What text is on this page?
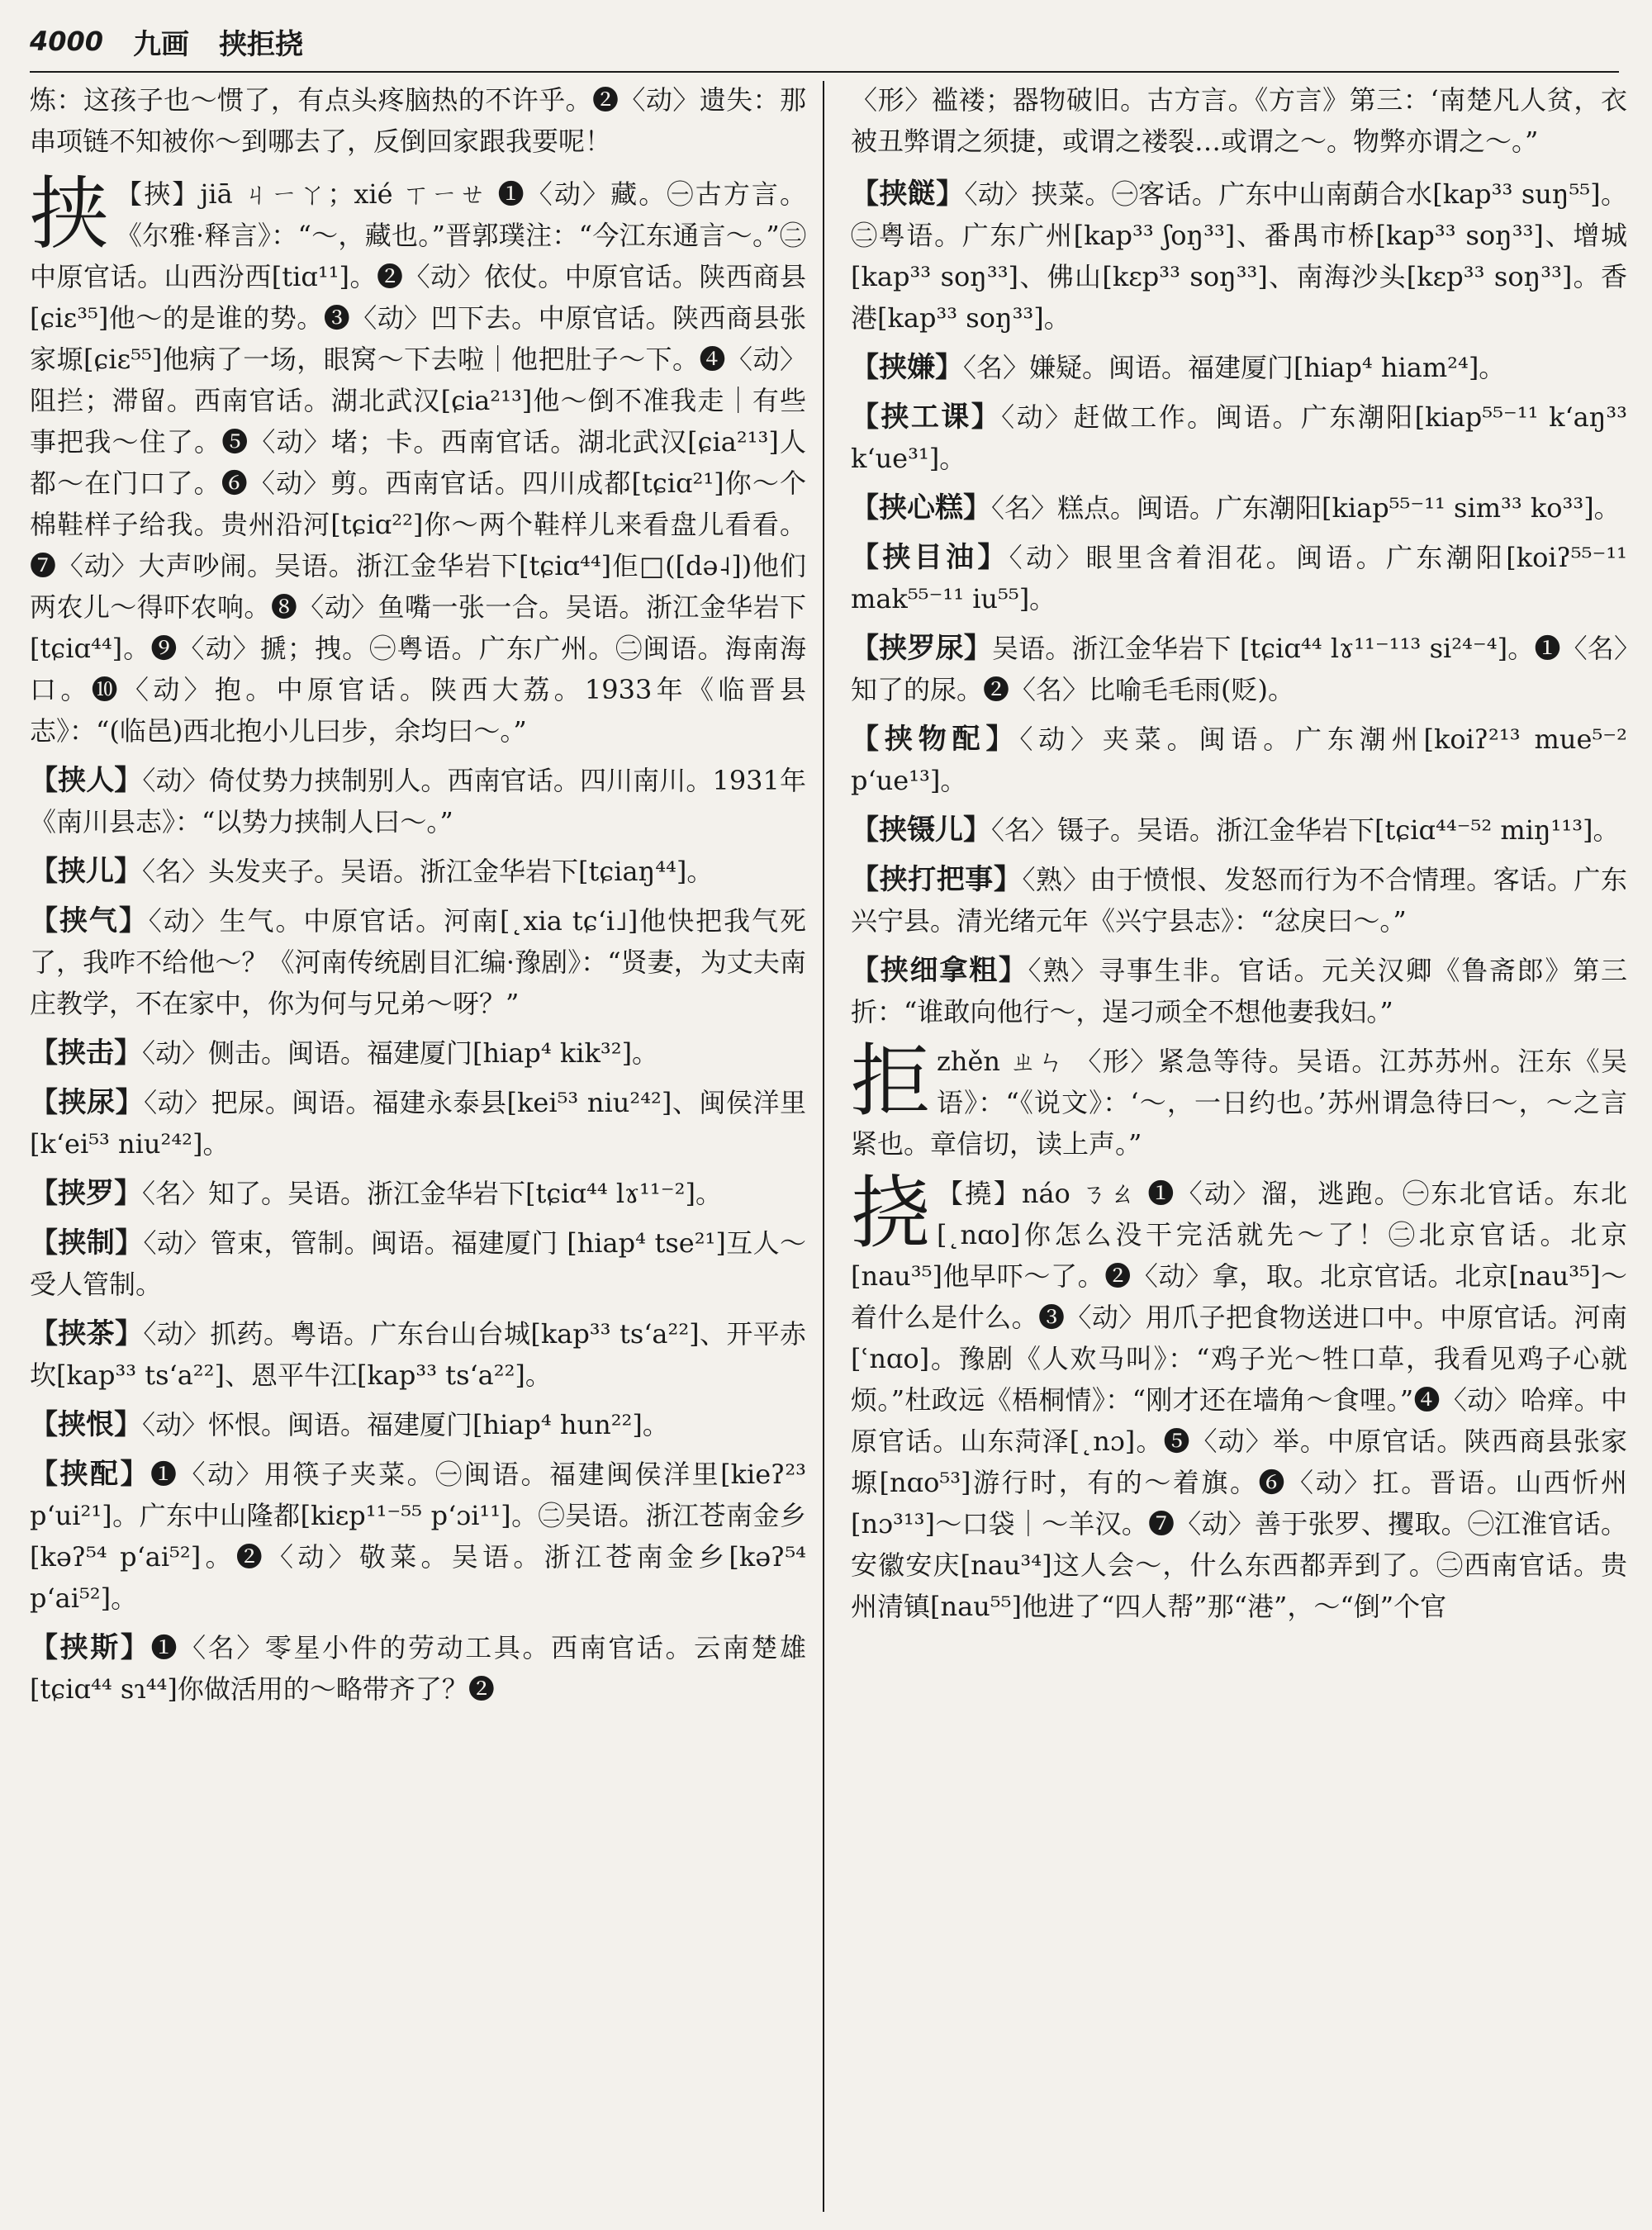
4000 九画 挟拒挠

炼：这孩子也～惯了，有点头疼脑热的不许乎。❷〈动〉遗失：那串项链不知被你～到哪去了，反倒回家跟我要呢！

挟 【挾】jiā ㄐㄧㄚ；xié ㄒㄧㄝ ❶〈动〉藏。㊀古方言。《尔雅·释言》：“～，藏也。”晋郭璞注：“今江东通言～。”㊁中原官话。山西汾西[tiɑ¹¹]。❷〈动〉依仗。中原官话。陕西商县[ɕiɛ³⁵]他～的是谁的势。❸〈动〉凹下去。中原官话。陕西商县张家塬[ɕiɛ⁵⁵]他病了一场，眼窝～下去啦｜他把肚子～下。❹〈动〉阻拦；滞留。西南官话。湖北武汉[ɕia²¹³]他～倒不准我走｜有些事把我～住了。❺〈动〉堵；卡。西南官话。湖北武汉[ɕia²¹³]人都～在门口了。❻〈动〉剪。西南官话。四川成都[tɕiɑ²¹]你～个棉鞋样子给我。贵州沿河[tɕiɑ²²]你～两个鞋样儿来看盘儿看看。❼〈动〉大声吵闹。吴语。浙江金华岩下[tɕiɑ⁴⁴]佢□([də˨])他们两农儿～得吓农响。❽〈动〉鱼嘴一张一合。吴语。浙江金华岩下[tɕiɑ⁴⁴]。❾〈动〉搋；拽。㊀粤语。广东广州。㊁闽语。海南海口。❿〈动〉抱。中原官话。陕西大荔。1933年《临晋县志》：“(临邑)西北抱小儿曰步，余均曰～。”

【挟人】〈动〉倚仗势力挟制别人。西南官话。四川南川。1931年《南川县志》：“以势力挟制人曰～。”

【挟儿】〈名〉头发夹子。吴语。浙江金华岩下[tɕiaŋ⁴⁴]。

【挟气】〈动〉生气。中原官话。河南[˛xia tɕʻi˩]他快把我气死了，我咋不给他～？《河南传统剧目汇编·豫剧》：“贤妻，为丈夫南庄教学，不在家中，你为何与兄弟～呀？”

【挟击】〈动〉侧击。闽语。福建厦门[hiap⁴ kik³²]。

【挟尿】〈动〉把尿。闽语。福建永泰县[kei⁵³ niu²⁴²]、闽侯洋里[kʻei⁵³ niu²⁴²]。

【挟罗】〈名〉知了。吴语。浙江金华岩下[tɕiɑ⁴⁴ lɤ¹¹⁻²]。

【挟制】〈动〉管束，管制。闽语。福建厦门 [hiap⁴ tse²¹]互人～受人管制。

【挟茶】〈动〉抓药。粤语。广东台山台城[kap³³ tsʻa²²]、开平赤坎[kap³³ tsʻa²²]、恩平牛江[kap³³ tsʻa²²]。

【挟恨】〈动〉怀恨。闽语。福建厦门[hiap⁴ hun²²]。

【挟配】❶〈动〉用筷子夹菜。㊀闽语。福建闽侯洋里[kieʔ²³ pʻui²¹]。广东中山隆都[kiɛp¹¹⁻⁵⁵ pʻɔi¹¹]。㊁吴语。浙江苍南金乡[kəʔ⁵⁴ pʻai⁵²]。❷〈动〉敬菜。吴语。浙江苍南金乡[kəʔ⁵⁴ pʻai⁵²]。

【挟斯】❶〈名〉零星小件的劳动工具。西南官话。云南楚雄[tɕiɑ⁴⁴ sɿ⁴⁴]你做活用的～略带齐了？❷

〈形〉褴褛；器物破旧。古方言。《方言》第三：‘南楚凡人贫，衣被丑弊谓之须捷，或谓之褛裂…或谓之～。物弊亦谓之～。”

【挟餸】〈动〉挟菜。㊀客话。广东中山南蓢合水[kap³³ suŋ⁵⁵]。㊁粤语。广东广州[kap³³ ʃoŋ³³]、番禺市桥[kap³³ soŋ³³]、增城[kap³³ soŋ³³]、佛山[kɛp³³ soŋ³³]、南海沙头[kɛp³³ soŋ³³]。香港[kap³³ soŋ³³]。

【挟嫌】〈名〉嫌疑。闽语。福建厦门[hiap⁴ hiam²⁴]。

【挟工课】〈动〉赶做工作。闽语。广东潮阳[kiap⁵⁵⁻¹¹ kʻaŋ³³ kʻue³¹]。

【挟心糕】〈名〉糕点。闽语。广东潮阳[kiap⁵⁵⁻¹¹ sim³³ ko³³]。

【挟目油】〈动〉眼里含着泪花。闽语。广东潮阳[koiʔ⁵⁵⁻¹¹ mak⁵⁵⁻¹¹ iu⁵⁵]。

【挟罗尿】吴语。浙江金华岩下 [tɕiɑ⁴⁴ lɤ¹¹⁻¹¹³ si²⁴⁻⁴]。❶〈名〉知了的尿。❷〈名〉比喻毛毛雨(贬)。

【挟物配】〈动〉夹菜。闽语。广东潮州[koiʔ²¹³ mue⁵⁻² pʻue¹³]。

【挟镊儿】〈名〉镊子。吴语。浙江金华岩下[tɕiɑ⁴⁴⁻⁵² miŋ¹¹³]。

【挟打把事】〈熟〉由于愤恨、发怒而行为不合情理。客话。广东兴宁县。清光绪元年《兴宁县志》：“忿戾曰～。”

【挟细拿粗】〈熟〉寻事生非。官话。元关汉卿《鲁斋郎》第三折：“谁敢向他行～，逞刁顽全不想他妻我妇。”

拒 zhěn ㄓㄣ 〈形〉紧急等待。吴语。江苏苏州。汪东《吴语》：“《说文》：‘～，一日约也。’苏州谓急待曰～，～之言紧也。章信切，读上声。”
挠 【撓】náo ㄋㄠ ❶〈动〉溜，逃跑。㊀东北官话。东北[˛nɑo]你怎么没干完活就先～了！㊁北京官话。北京[nau³⁵]他早吓～了。❷〈动〉拿，取。北京官话。北京[nau³⁵]～着什么是什么。❸〈动〉用爪子把食物送进口中。中原官话。河南[ʿnɑo]。豫剧《人欢马叫》：“鸡子光～牲口草，我看见鸡子心就烦。”杜政远《梧桐情》：“刚才还在墙角～食哩。”❹〈动〉哈痒。中原官话。山东菏泽[˛nɔ]。❺〈动〉举。中原官话。陕西商县张家塬[nɑo⁵³]游行时，有的～着旗。❻〈动〉扛。晋语。山西忻州[nɔ³¹³]～口袋｜～羊汉。❼〈动〉善于张罗、攫取。㊀江淮官话。安徽安庆[nau³⁴]这人会～，什么东西都弄到了。㊁西南官话。贵州清镇[nau⁵⁵]他进了“四人帮”那“港”，～“倒”个官
